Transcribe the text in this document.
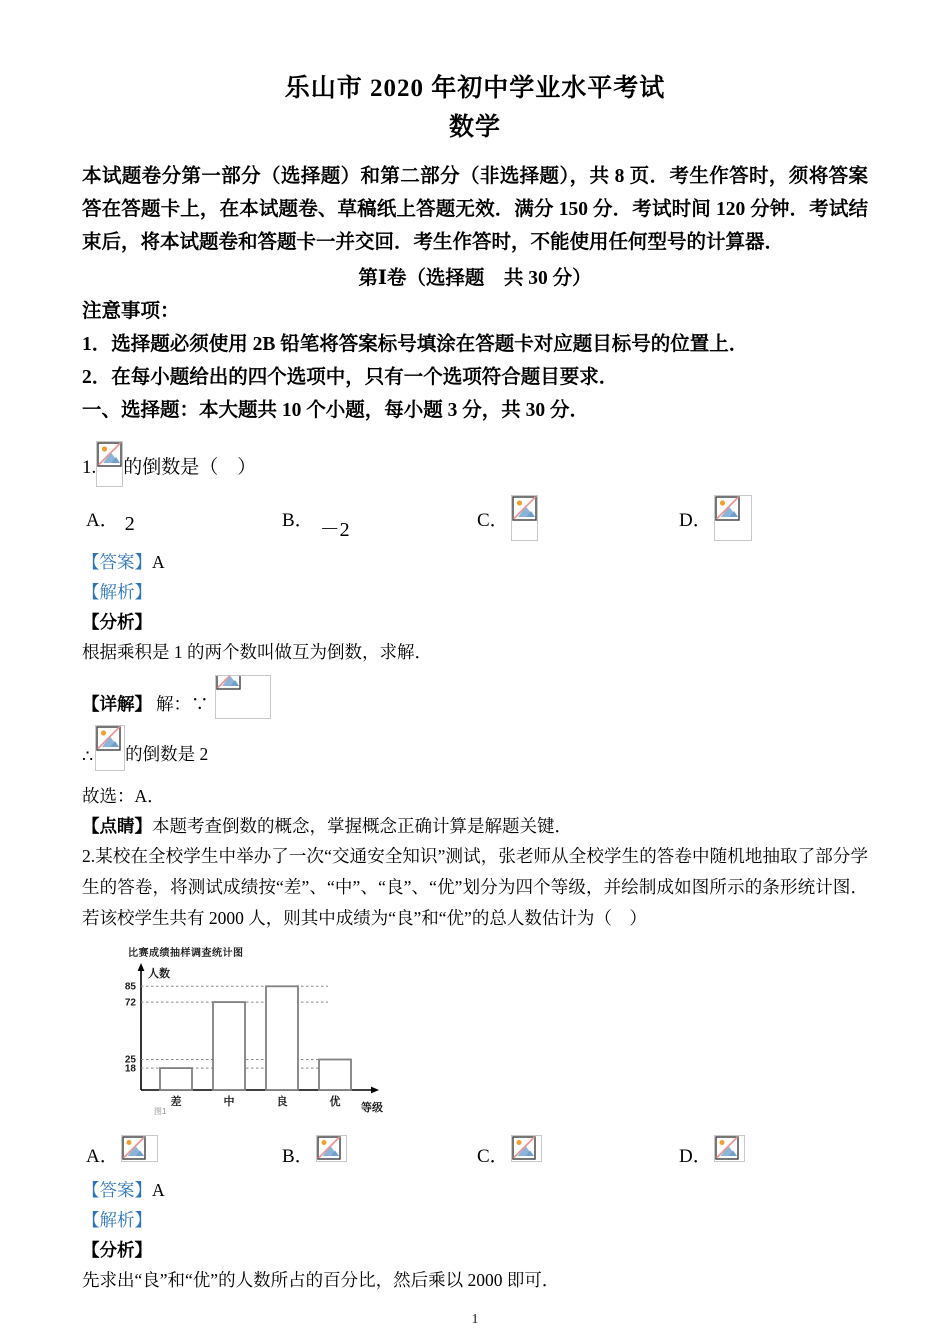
乐山市 2020 年初中学业水平考试
数学

本试题卷分第一部分（选择题）和第二部分（非选择题），共 8 页．考生作答时，须将答案答在答题卡上，在本试题卷、草稿纸上答题无效．满分 150 分．考试时间 120 分钟．考试结束后，将本试题卷和答题卡一并交回．考生作答时，不能使用任何型号的计算器．

第Ⅰ卷（选择题　共 30 分）

注意事项：

1．选择题必须使用 2B 铅笔将答案标号填涂在答题卡对应题目标号的位置上．

2．在每小题给出的四个选项中，只有一个选项符合题目要求．

一、选择题：本大题共 10 个小题，每小题 3 分，共 30 分．

1. 的倒数是（　）
A． 2	B． －2	C．	D．

【答案】A

【解析】

【分析】

根据乘积是 1 的两个数叫做互为倒数，求解．

【详解】 解：∵
∴ 的倒数是 2

故选：A．

【点睛】本题考查倒数的概念，掌握概念正确计算是解题关键．

2.某校在全校学生中举办了一次“交通安全知识”测试，张老师从全校学生的答卷中随机地抽取了部分学生的答卷，将测试成绩按“差”、“中”、“良”、“优”划分为四个等级，并绘制成如图所示的条形统计图．若该校学生共有 2000 人，则其中成绩为“良”和“优”的总人数估计为（　）

比赛成绩抽样调查统计图
85
72
25
18
人数
差	中	良	优 等级
图1
A．	B．	C．	D．

【答案】A

【解析】

【分析】

先求出“良”和“优”的人数所占的百分比，然后乘以 2000 即可．

1
